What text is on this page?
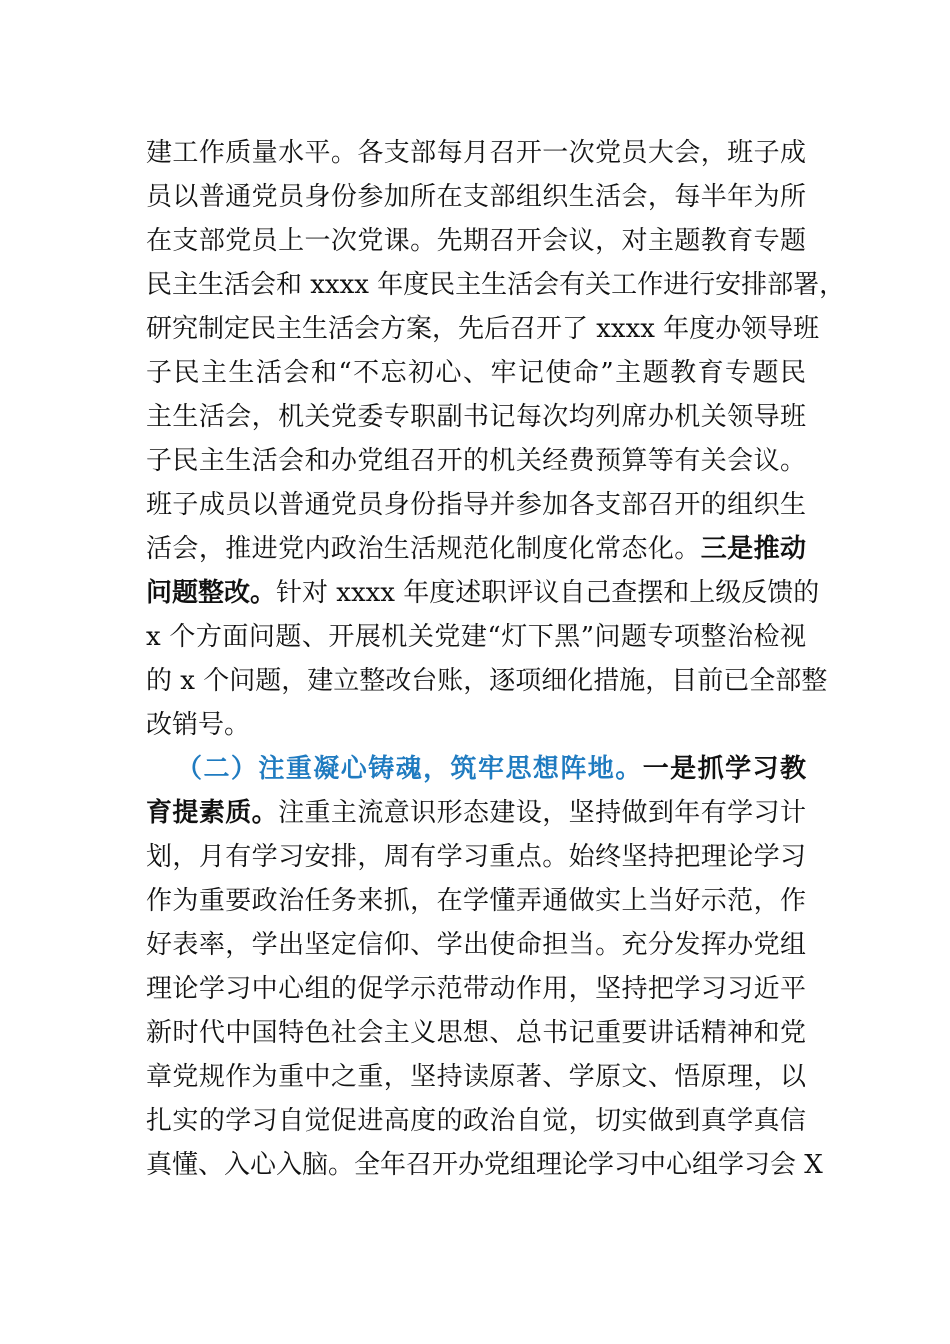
建工作质量水平。各支部每月召开一次党员大会，班子成
员以普通党员身份参加所在支部组织生活会，每半年为所
在支部党员上一次党课。先期召开会议，对主题教育专题
民主生活会和 xxxx 年度民主生活会有关工作进行安排部署，
研究制定民主生活会方案，先后召开了 xxxx 年度办领导班
子民主生活会和“不忘初心、牢记使命”主题教育专题民
主生活会，机关党委专职副书记每次均列席办机关领导班
子民主生活会和办党组召开的机关经费预算等有关会议。
班子成员以普通党员身份指导并参加各支部召开的组织生
活会，推进党内政治生活规范化制度化常态化。三是推动
问题整改。针对 xxxx 年度述职评议自己查摆和上级反馈的
x 个方面问题、开展机关党建“灯下黑”问题专项整治检视
的 x 个问题，建立整改台账，逐项细化措施，目前已全部整
改销号。
（二）注重凝心铸魂，筑牢思想阵地。一是抓学习教
育提素质。注重主流意识形态建设，坚持做到年有学习计
划，月有学习安排，周有学习重点。始终坚持把理论学习
作为重要政治任务来抓，在学懂弄通做实上当好示范，作
好表率，学出坚定信仰、学出使命担当。充分发挥办党组
理论学习中心组的促学示范带动作用，坚持把学习习近平
新时代中国特色社会主义思想、总书记重要讲话精神和党
章党规作为重中之重，坚持读原著、学原文、悟原理，以
扎实的学习自觉促进高度的政治自觉，切实做到真学真信
真懂、入心入脑。全年召开办党组理论学习中心组学习会 X
